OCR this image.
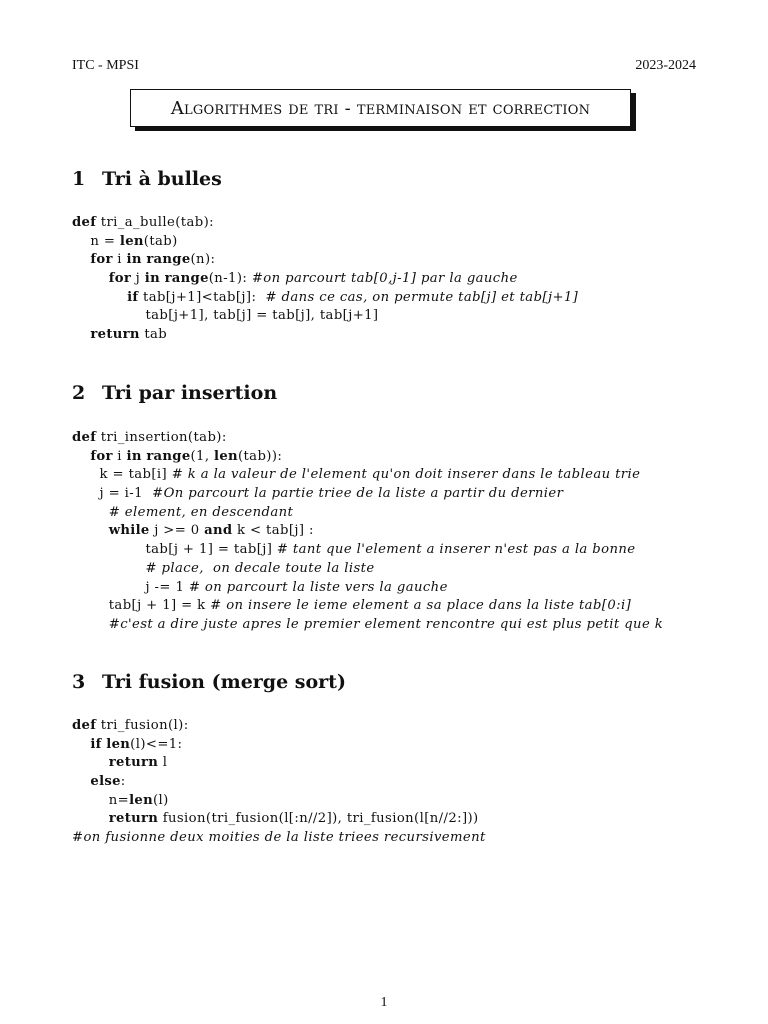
ITC - MPSI	2023-2024
Algorithmes de tri - terminaison et correction
1 Tri à bulles
def tri_a_bulle(tab):
n = len(tab)
for i in range(n):
for j in range(n-1): #on parcourt tab[0,j-1] par la gauche
if tab[j+1]<tab[j]:  # dans ce cas, on permute tab[j] et tab[j+1]
tab[j+1], tab[j] = tab[j], tab[j+1]
return tab
2 Tri par insertion
def tri_insertion(tab):
for i in range(1, len(tab)):
k = tab[i] # k a la valeur de l'element qu'on doit inserer dans le tableau trie
j = i-1  #On parcourt la partie triee de la liste a partir du dernier
# element, en descendant
while j >= 0 and k < tab[j] :
tab[j + 1] = tab[j] # tant que l'element a inserer n'est pas a la bonne
# place,  on decale toute la liste
j -= 1 # on parcourt la liste vers la gauche
tab[j + 1] = k # on insere le ieme element a sa place dans la liste tab[0:i]
#c'est a dire juste apres le premier element rencontre qui est plus petit que k
3 Tri fusion (merge sort)
def tri_fusion(l):
if len(l)<=1:
return l
else:
n=len(l)
return fusion(tri_fusion(l[:n//2]), tri_fusion(l[n//2:]))
#on fusionne deux moities de la liste triees recursivement
1
